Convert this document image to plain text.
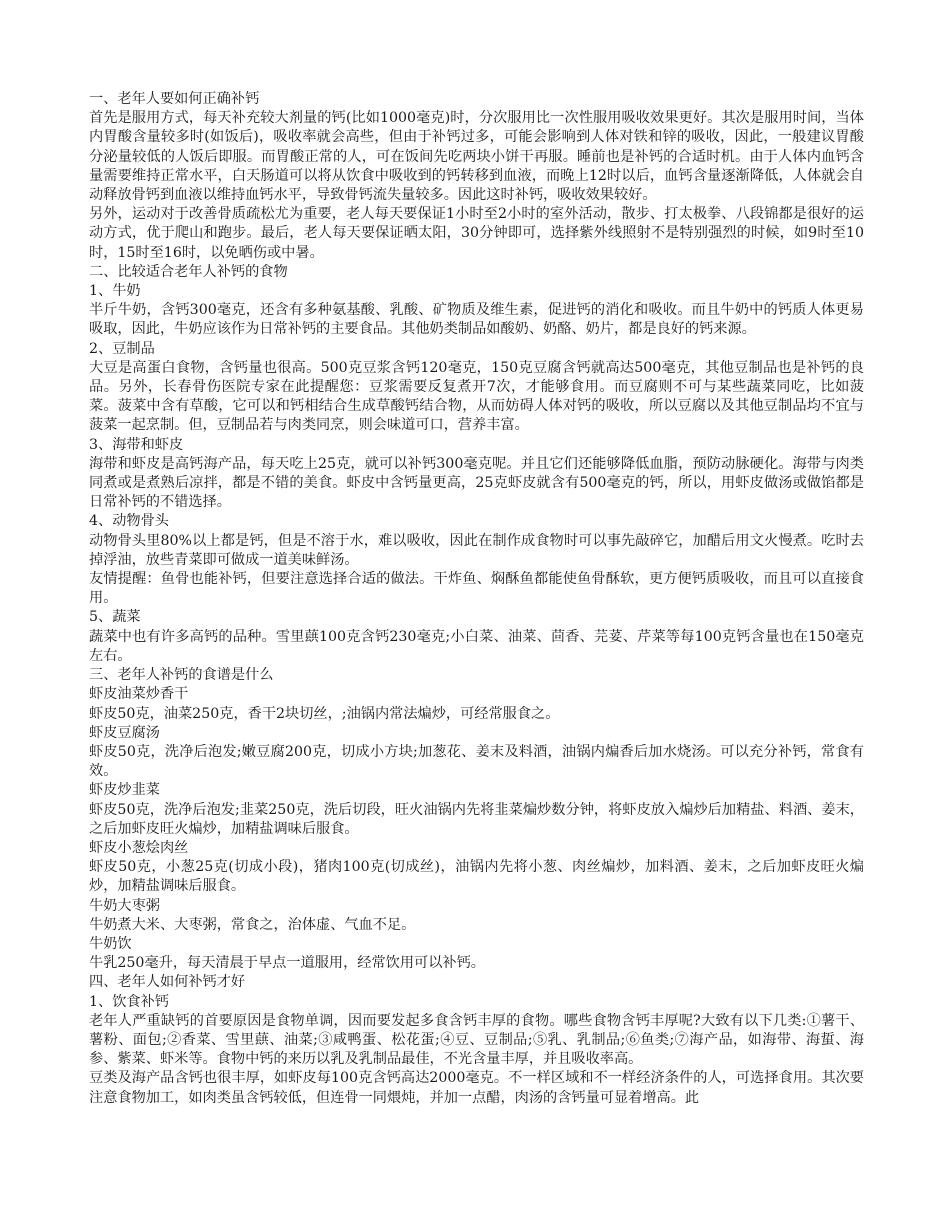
一、老年人要如何正确补钙

首先是服用方式，每天补充较大剂量的钙(比如1000毫克)时，分次服用比一次性服用吸收效果更好。其次是服用时间，当体内胃酸含量较多时(如饭后)，吸收率就会高些，但由于补钙过多，可能会影响到人体对铁和锌的吸收，因此，一般建议胃酸分泌量较低的人饭后即服。而胃酸正常的人，可在饭间先吃两块小饼干再服。睡前也是补钙的合适时机。由于人体内血钙含量需要维持正常水平，白天肠道可以将从饮食中吸收到的钙转移到血液，而晚上12时以后，血钙含量逐渐降低，人体就会自动释放骨钙到血液以维持血钙水平，导致骨钙流失量较多。因此这时补钙，吸收效果较好。

另外，运动对于改善骨质疏松尤为重要，老人每天要保证1小时至2小时的室外活动，散步、打太极拳、八段锦都是很好的运动方式，优于爬山和跑步。最后，老人每天要保证晒太阳，30分钟即可，选择紫外线照射不是特别强烈的时候，如9时至10时，15时至16时，以免晒伤或中暑。

二、比较适合老年人补钙的食物

1、牛奶

半斤牛奶，含钙300毫克，还含有多种氨基酸、乳酸、矿物质及维生素，促进钙的消化和吸收。而且牛奶中的钙质人体更易吸取，因此，牛奶应该作为日常补钙的主要食品。其他奶类制品如酸奶、奶酪、奶片，都是良好的钙来源。

2、豆制品

大豆是高蛋白食物，含钙量也很高。500克豆浆含钙120毫克，150克豆腐含钙就高达500毫克，其他豆制品也是补钙的良品。另外，长春骨伤医院专家在此提醒您：豆浆需要反复煮开7次，才能够食用。而豆腐则不可与某些蔬菜同吃，比如菠菜。菠菜中含有草酸，它可以和钙相结合生成草酸钙结合物，从而妨碍人体对钙的吸收，所以豆腐以及其他豆制品均不宜与菠菜一起烹制。但，豆制品若与肉类同烹，则会味道可口，营养丰富。

3、海带和虾皮

海带和虾皮是高钙海产品，每天吃上25克，就可以补钙300毫克呢。并且它们还能够降低血脂，预防动脉硬化。海带与肉类同煮或是煮熟后凉拌，都是不错的美食。虾皮中含钙量更高，25克虾皮就含有500毫克的钙，所以，用虾皮做汤或做馅都是日常补钙的不错选择。

4、动物骨头

动物骨头里80%以上都是钙，但是不溶于水，难以吸收，因此在制作成食物时可以事先敲碎它，加醋后用文火慢煮。吃时去掉浮油，放些青菜即可做成一道美味鲜汤。

友情提醒：鱼骨也能补钙，但要注意选择合适的做法。干炸鱼、焖酥鱼都能使鱼骨酥软，更方便钙质吸收，而且可以直接食用。

5、蔬菜

蔬菜中也有许多高钙的品种。雪里蕻100克含钙230毫克;小白菜、油菜、茴香、芫荽、芹菜等每100克钙含量也在150毫克左右。

三、老年人补钙的食谱是什么

虾皮油菜炒香干

虾皮50克，油菜250克，香干2块切丝，;油锅内常法煸炒，可经常服食之。

虾皮豆腐汤

虾皮50克，洗净后泡发;嫩豆腐200克，切成小方块;加葱花、姜末及料酒，油锅内煸香后加水烧汤。可以充分补钙，常食有效。

虾皮炒韭菜

虾皮50克，洗净后泡发;韭菜250克，洗后切段，旺火油锅内先将韭菜煸炒数分钟，将虾皮放入煸炒后加精盐、料酒、姜末，之后加虾皮旺火煸炒，加精盐调味后服食。

虾皮小葱烩肉丝

虾皮50克，小葱25克(切成小段)，猪肉100克(切成丝)，油锅内先将小葱、肉丝煸炒，加料酒、姜末，之后加虾皮旺火煸炒，加精盐调味后服食。

牛奶大枣粥

牛奶煮大米、大枣粥，常食之，治体虚、气血不足。

牛奶饮

牛乳250毫升，每天清晨于早点一道服用，经常饮用可以补钙。

四、老年人如何补钙才好

1、饮食补钙

老年人严重缺钙的首要原因是食物单调，因而要发起多食含钙丰厚的食物。哪些食物含钙丰厚呢?大致有以下几类:①薯干、薯粉、面包;②香菜、雪里蕻、油菜;③咸鸭蛋、松花蛋;④豆、豆制品;⑤乳、乳制品;⑥鱼类;⑦海产品，如海带、海蜇、海参、紫菜、虾米等。食物中钙的来历以乳及乳制品最佳，不光含量丰厚，并且吸收率高。

豆类及海产品含钙也很丰厚，如虾皮每100克含钙高达2000毫克。不一样区域和不一样经济条件的人，可选择食用。其次要注意食物加工，如肉类虽含钙较低，但连骨一同煨炖，并加一点醋，肉汤的含钙量可显着增高。此
